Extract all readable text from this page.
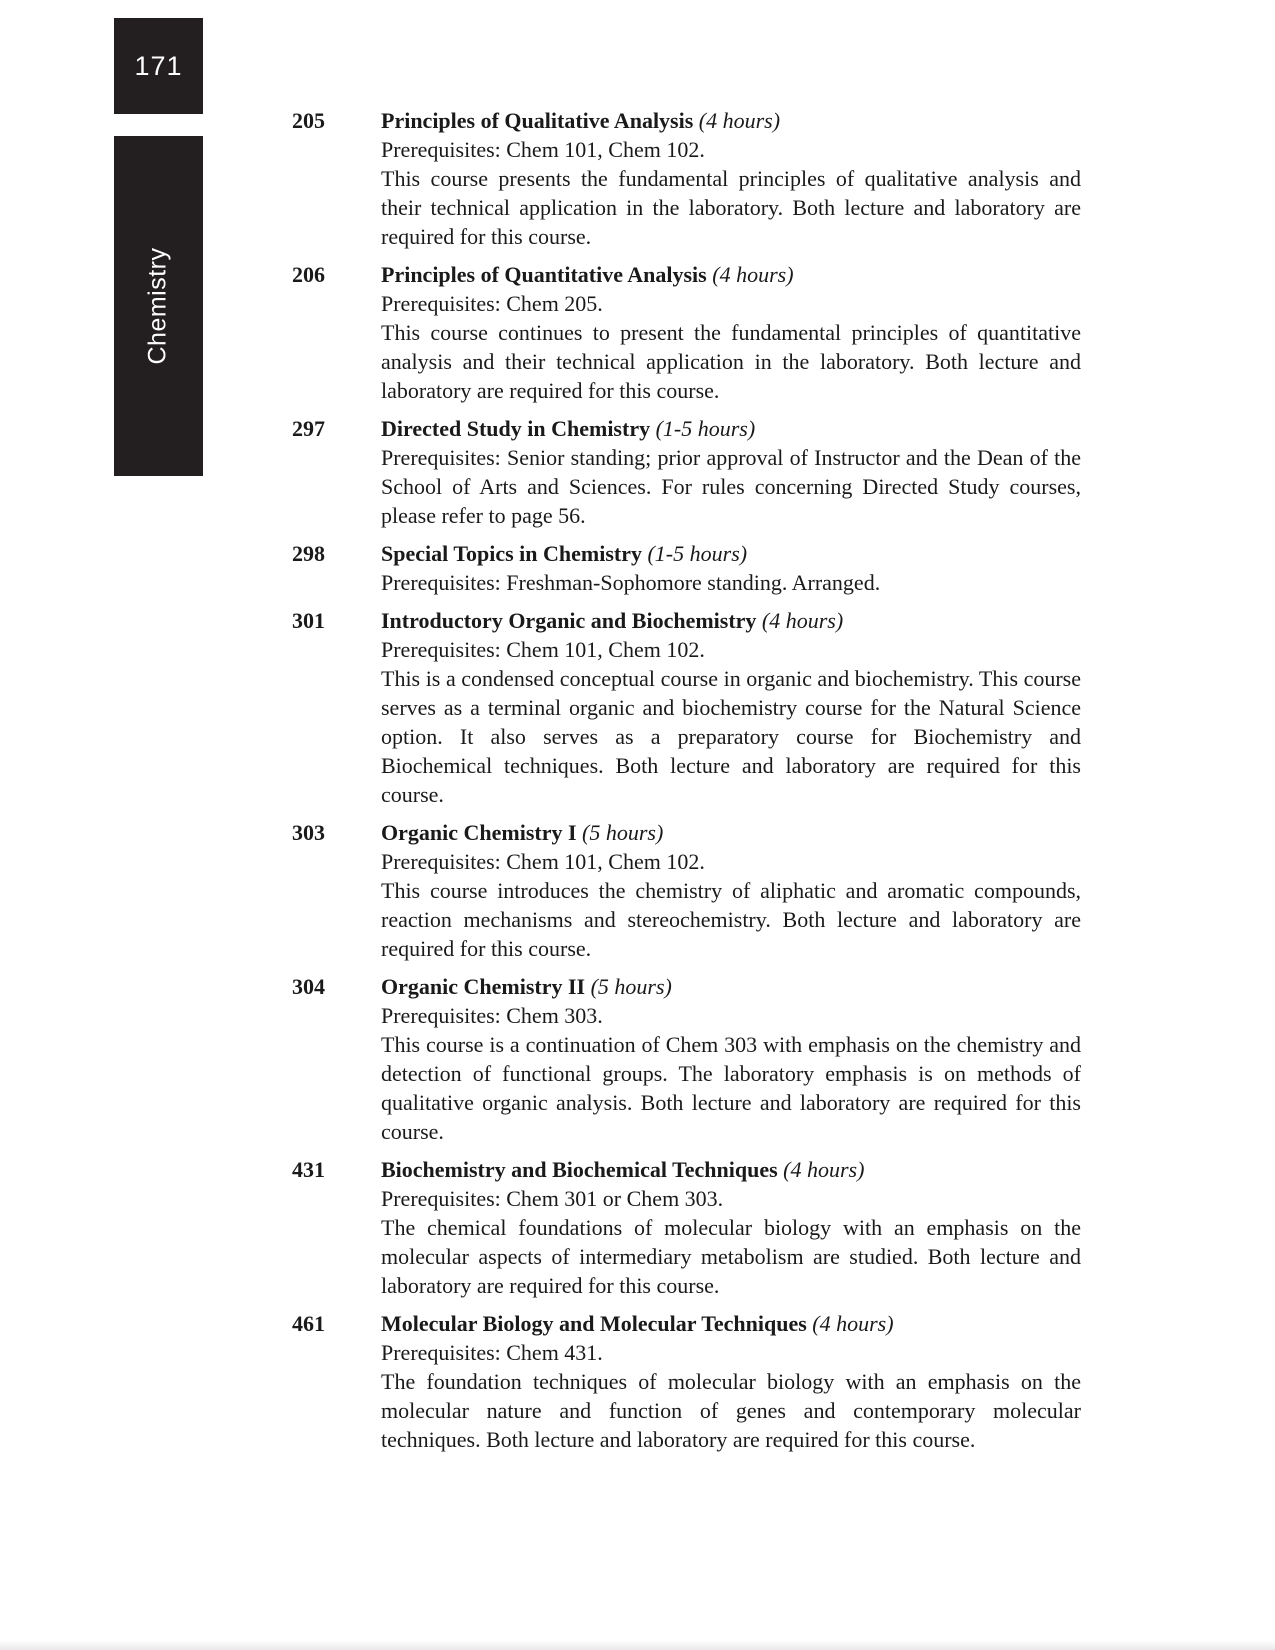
171
Chemistry
205	Principles of Qualitative Analysis (4 hours)
Prerequisites: Chem 101, Chem 102.
This course presents the fundamental principles of qualitative analysis and their technical application in the laboratory. Both lecture and laboratory are required for this course.
206	Principles of Quantitative Analysis (4 hours)
Prerequisites: Chem 205.
This course continues to present the fundamental principles of quantitative analysis and their technical application in the laboratory. Both lecture and laboratory are required for this course.
297	Directed Study in Chemistry (1-5 hours)
Prerequisites: Senior standing; prior approval of Instructor and the Dean of the School of Arts and Sciences. For rules concerning Directed Study courses, please refer to page 56.
298	Special Topics in Chemistry (1-5 hours)
Prerequisites: Freshman-Sophomore standing. Arranged.
301	Introductory Organic and Biochemistry (4 hours)
Prerequisites: Chem 101, Chem 102.
This is a condensed conceptual course in organic and biochemistry. This course serves as a terminal organic and biochemistry course for the Natural Science option. It also serves as a preparatory course for Biochemistry and Biochemical techniques. Both lecture and laboratory are required for this course.
303	Organic Chemistry I (5 hours)
Prerequisites: Chem 101, Chem 102.
This course introduces the chemistry of aliphatic and aromatic compounds, reaction mechanisms and stereochemistry. Both lecture and laboratory are required for this course.
304	Organic Chemistry II (5 hours)
Prerequisites: Chem 303.
This course is a continuation of Chem 303 with emphasis on the chemistry and detection of functional groups. The laboratory emphasis is on methods of qualitative organic analysis. Both lecture and laboratory are required for this course.
431	Biochemistry and Biochemical Techniques (4 hours)
Prerequisites: Chem 301 or Chem 303.
The chemical foundations of molecular biology with an emphasis on the molecular aspects of intermediary metabolism are studied. Both lecture and laboratory are required for this course.
461	Molecular Biology and Molecular Techniques (4 hours)
Prerequisites: Chem 431.
The foundation techniques of molecular biology with an emphasis on the molecular nature and function of genes and contemporary molecular techniques. Both lecture and laboratory are required for this course.
